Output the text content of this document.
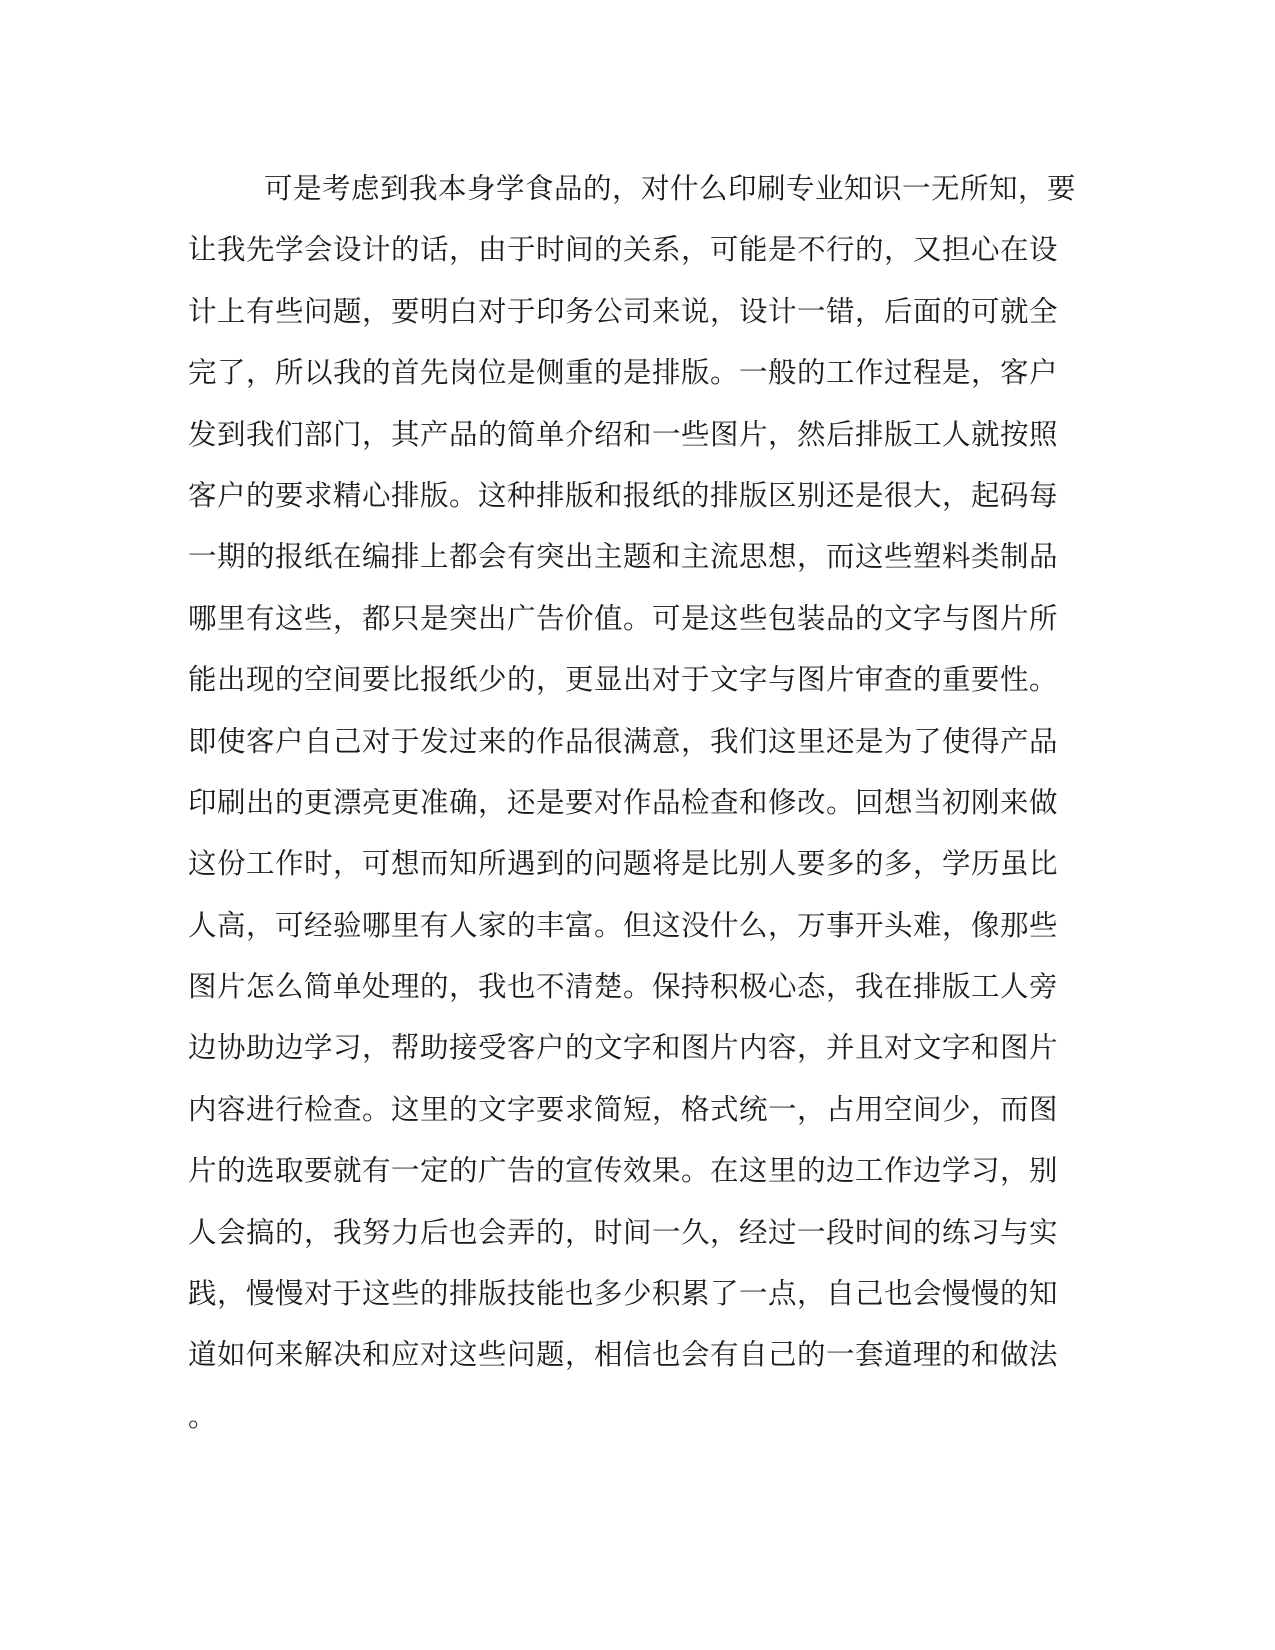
可是考虑到我本身学食品的，对什么印刷专业知识一无所知，要
让我先学会设计的话，由于时间的关系，可能是不行的，又担心在设
计上有些问题，要明白对于印务公司来说，设计一错，后面的可就全
完了，所以我的首先岗位是侧重的是排版。一般的工作过程是，客户
发到我们部门，其产品的简单介绍和一些图片，然后排版工人就按照
客户的要求精心排版。这种排版和报纸的排版区别还是很大，起码每
一期的报纸在编排上都会有突出主题和主流思想，而这些塑料类制品
哪里有这些，都只是突出广告价值。可是这些包装品的文字与图片所
能出现的空间要比报纸少的，更显出对于文字与图片审查的重要性。
即使客户自己对于发过来的作品很满意，我们这里还是为了使得产品
印刷出的更漂亮更准确，还是要对作品检查和修改。回想当初刚来做
这份工作时，可想而知所遇到的问题将是比别人要多的多，学历虽比
人高，可经验哪里有人家的丰富。但这没什么，万事开头难，像那些
图片怎么简单处理的，我也不清楚。保持积极心态，我在排版工人旁
边协助边学习，帮助接受客户的文字和图片内容，并且对文字和图片
内容进行检查。这里的文字要求简短，格式统一，占用空间少，而图
片的选取要就有一定的广告的宣传效果。在这里的边工作边学习，别
人会搞的，我努力后也会弄的，时间一久，经过一段时间的练习与实
践，慢慢对于这些的排版技能也多少积累了一点，自己也会慢慢的知
道如何来解决和应对这些问题，相信也会有自己的一套道理的和做法
。
